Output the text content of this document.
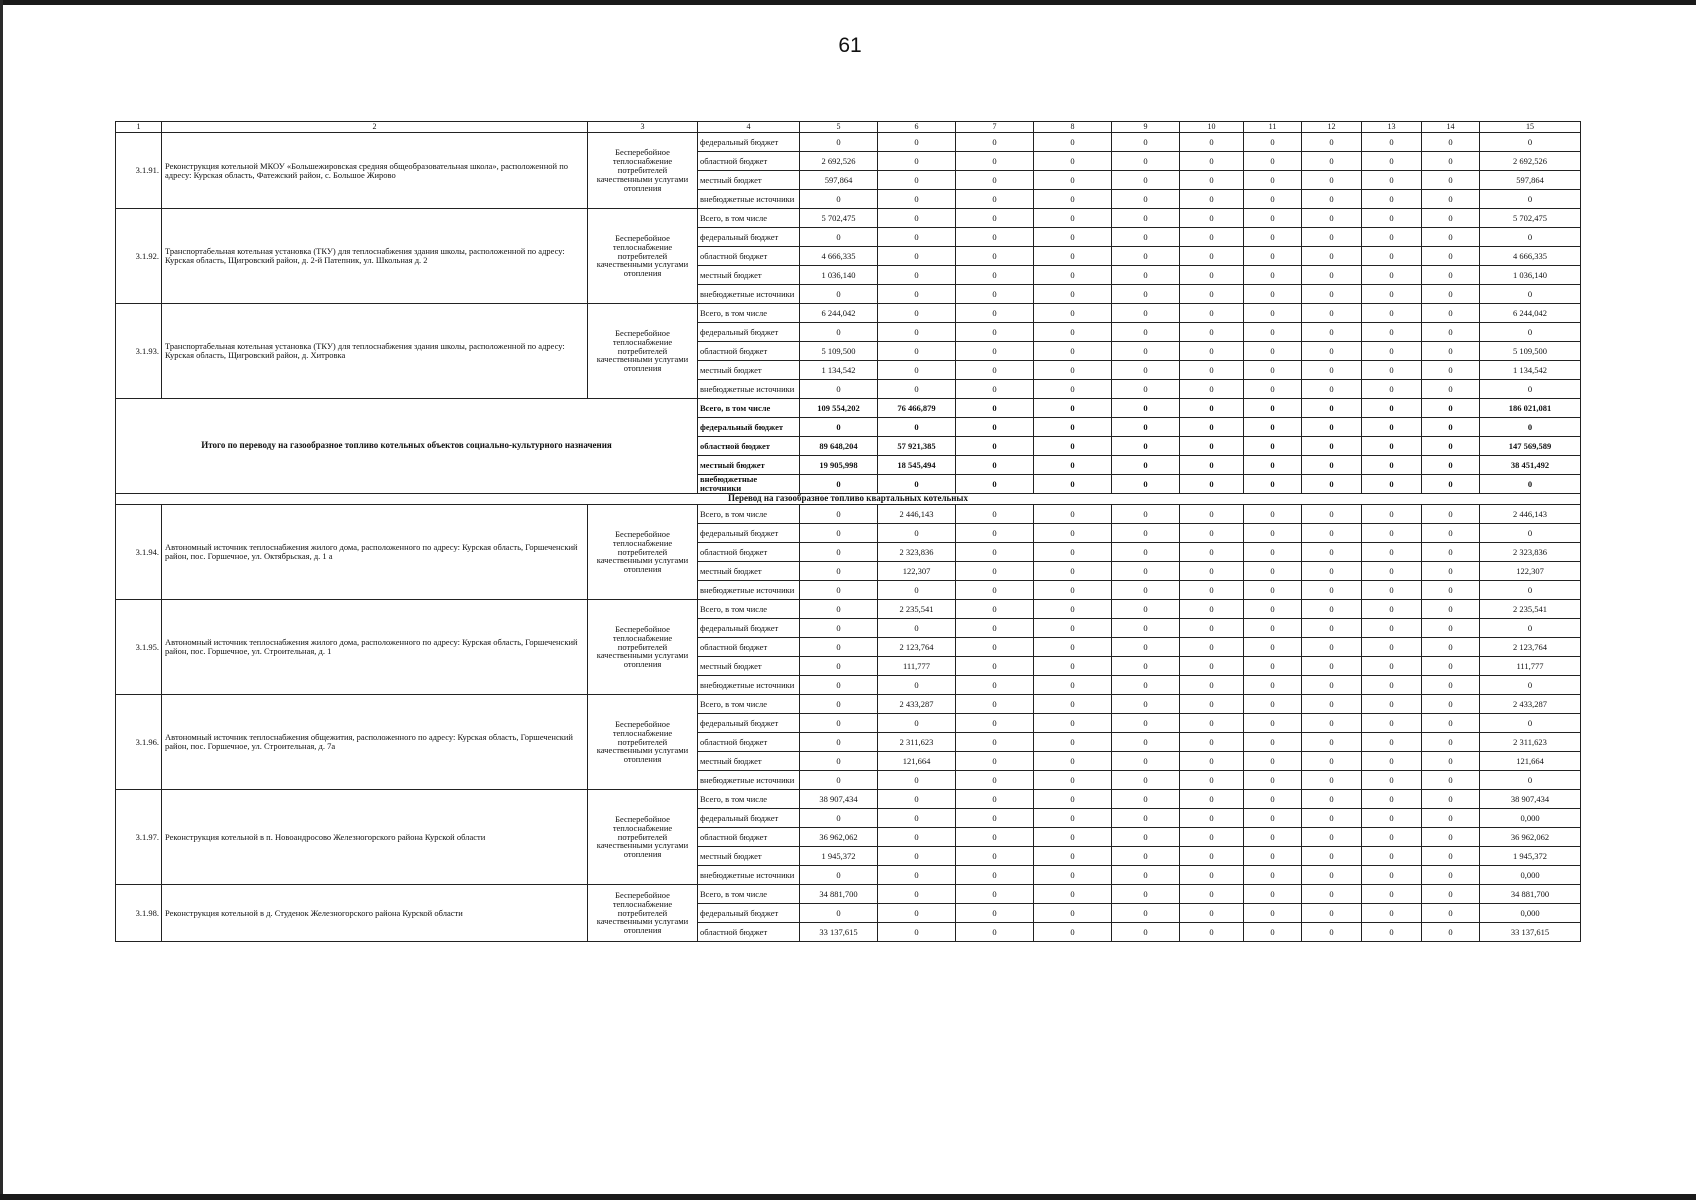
61
1	2	3	4	5	6	7	8	9	10	11	12	13	14	15
3.1.91.	Реконструкция котельной МКОУ «Большежировская средняя общеобразовательная школа», расположенной по адресу: Курская область, Фатежский район, с. Большое Жирово	Бесперебойное теплоснабжение потребителей качественными услугами отопления	федеральный бюджет	0	0	0	0	0	0	0	0	0	0	0
			областной бюджет	2 692,526	0	0	0	0	0	0	0	0	0	2 692,526
			местный бюджет	597,864	0	0	0	0	0	0	0	0	0	597,864
			внебюджетные источники	0	0	0	0	0	0	0	0	0	0	0
3.1.92.	Транспортабельная котельная установка (ТКУ) для теплоснабжения здания школы, расположенной по адресу: Курская область, Щигровский район, д. 2-й Патепник, ул. Школьная д. 2	Бесперебойное теплоснабжение потребителей качественными услугами отопления	Всего, в том числе	5 702,475	0	0	0	0	0	0	0	0	0	5 702,475
			федеральный бюджет	0	0	0	0	0	0	0	0	0	0	0
			областной бюджет	4 666,335	0	0	0	0	0	0	0	0	0	4 666,335
			местный бюджет	1 036,140	0	0	0	0	0	0	0	0	0	1 036,140
			внебюджетные источники	0	0	0	0	0	0	0	0	0	0	0
3.1.93.	Транспортабельная котельная установка (ТКУ) для теплоснабжения здания школы, расположенной по адресу: Курская область, Щигровский район, д. Хитровка	Бесперебойное теплоснабжение потребителей качественными услугами отопления	Всего, в том числе	6 244,042	0	0	0	0	0	0	0	0	0	6 244,042
			федеральный бюджет	0	0	0	0	0	0	0	0	0	0	0
			областной бюджет	5 109,500	0	0	0	0	0	0	0	0	0	5 109,500
			местный бюджет	1 134,542	0	0	0	0	0	0	0	0	0	1 134,542
			внебюджетные источники	0	0	0	0	0	0	0	0	0	0	0
Итого по переводу на газообразное топливо котельных объектов социально-культурного назначения			Всего, в том числе	109 554,202	76 466,879	0	0	0	0	0	0	0	0	186 021,081
			федеральный бюджет	0	0	0	0	0	0	0	0	0	0	0
			областной бюджет	89 648,204	57 921,385	0	0	0	0	0	0	0	0	147 569,589
			местный бюджет	19 905,998	18 545,494	0	0	0	0	0	0	0	0	38 451,492
			внебюджетные источники	0	0	0	0	0	0	0	0	0	0	0
Перевод на газообразное топливо квартальных котельных														
3.1.94.	Автономный источник теплоснабжения жилого дома, расположенного по адресу: Курская область, Горшеченский район, пос. Горшечное, ул. Октябрьская, д. 1 а	Бесперебойное теплоснабжение потребителей качественными услугами отопления	Всего, в том числе	0	2 446,143	0	0	0	0	0	0	0	0	2 446,143
			федеральный бюджет	0	0	0	0	0	0	0	0	0	0	0
			областной бюджет	0	2 323,836	0	0	0	0	0	0	0	0	2 323,836
			местный бюджет	0	122,307	0	0	0	0	0	0	0	0	122,307
			внебюджетные источники	0	0	0	0	0	0	0	0	0	0	0
3.1.95.	Автономный источник теплоснабжения жилого дома, расположенного по адресу: Курская область, Горшеченский район, пос. Горшечное, ул. Строительная, д. 1	Бесперебойное теплоснабжение потребителей качественными услугами отопления	Всего, в том числе	0	2 235,541	0	0	0	0	0	0	0	0	2 235,541
			федеральный бюджет	0	0	0	0	0	0	0	0	0	0	0
			областной бюджет	0	2 123,764	0	0	0	0	0	0	0	0	2 123,764
			местный бюджет	0	111,777	0	0	0	0	0	0	0	0	111,777
			внебюджетные источники	0	0	0	0	0	0	0	0	0	0	0
3.1.96.	Автономный источник теплоснабжения общежития, расположенного по адресу: Курская область, Горшеченский район, пос. Горшечное, ул. Строительная, д. 7а	Бесперебойное теплоснабжение потребителей качественными услугами отопления	Всего, в том числе	0	2 433,287	0	0	0	0	0	0	0	0	2 433,287
			федеральный бюджет	0	0	0	0	0	0	0	0	0	0	0
			областной бюджет	0	2 311,623	0	0	0	0	0	0	0	0	2 311,623
			местный бюджет	0	121,664	0	0	0	0	0	0	0	0	121,664
			внебюджетные источники	0	0	0	0	0	0	0	0	0	0	0
3.1.97.	Реконструкция котельной в п. Новоандросово Железногорского района Курской области	Бесперебойное теплоснабжение потребителей качественными услугами отопления	Всего, в том числе	38 907,434	0	0	0	0	0	0	0	0	0	38 907,434
			федеральный бюджет	0	0	0	0	0	0	0	0	0	0	0,000
			областной бюджет	36 962,062	0	0	0	0	0	0	0	0	0	36 962,062
			местный бюджет	1 945,372	0	0	0	0	0	0	0	0	0	1 945,372
			внебюджетные источники	0	0	0	0	0	0	0	0	0	0	0,000
3.1.98.	Реконструкция котельной в д. Студенок Железногорского района Курской области	Бесперебойное теплоснабжение потребителей качественными услугами отопления	Всего, в том числе	34 881,700	0	0	0	0	0	0	0	0	0	34 881,700
			федеральный бюджет	0	0	0	0	0	0	0	0	0	0	0,000
			областной бюджет	33 137,615	0	0	0	0	0	0	0	0	0	33 137,615
